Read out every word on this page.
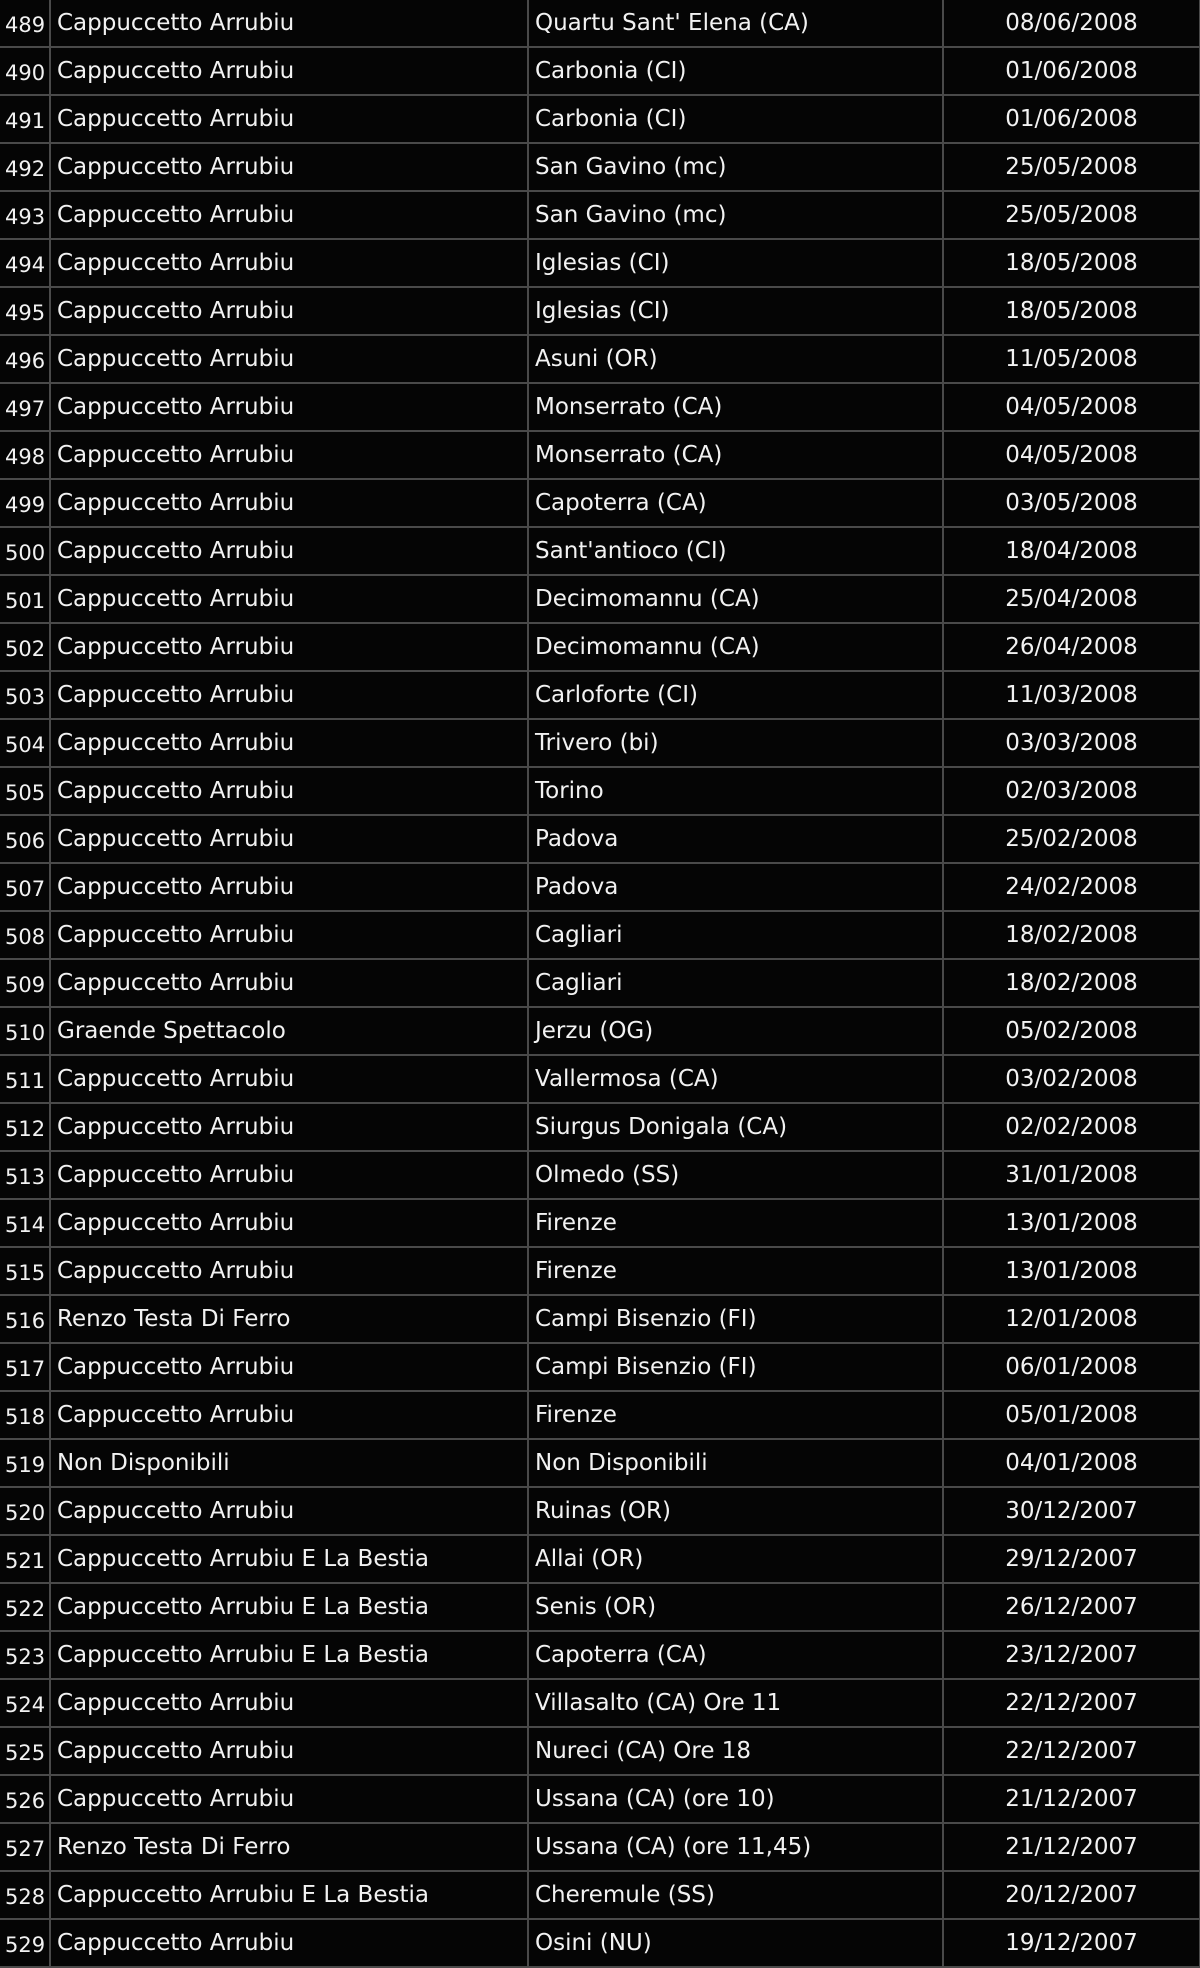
489	Cappuccetto Arrubiu	Quartu Sant' Elena (CA)	08/06/2008
490	Cappuccetto Arrubiu	Carbonia (CI)	01/06/2008
491	Cappuccetto Arrubiu	Carbonia (CI)	01/06/2008
492	Cappuccetto Arrubiu	San Gavino (mc)	25/05/2008
493	Cappuccetto Arrubiu	San Gavino (mc)	25/05/2008
494	Cappuccetto Arrubiu	Iglesias (CI)	18/05/2008
495	Cappuccetto Arrubiu	Iglesias (CI)	18/05/2008
496	Cappuccetto Arrubiu	Asuni (OR)	11/05/2008
497	Cappuccetto Arrubiu	Monserrato (CA)	04/05/2008
498	Cappuccetto Arrubiu	Monserrato (CA)	04/05/2008
499	Cappuccetto Arrubiu	Capoterra (CA)	03/05/2008
500	Cappuccetto Arrubiu	Sant'antioco (CI)	18/04/2008
501	Cappuccetto Arrubiu	Decimomannu (CA)	25/04/2008
502	Cappuccetto Arrubiu	Decimomannu (CA)	26/04/2008
503	Cappuccetto Arrubiu	Carloforte (CI)	11/03/2008
504	Cappuccetto Arrubiu	Trivero (bi)	03/03/2008
505	Cappuccetto Arrubiu	Torino	02/03/2008
506	Cappuccetto Arrubiu	Padova	25/02/2008
507	Cappuccetto Arrubiu	Padova	24/02/2008
508	Cappuccetto Arrubiu	Cagliari	18/02/2008
509	Cappuccetto Arrubiu	Cagliari	18/02/2008
510	Graende Spettacolo	Jerzu (OG)	05/02/2008
511	Cappuccetto Arrubiu	Vallermosa (CA)	03/02/2008
512	Cappuccetto Arrubiu	Siurgus Donigala (CA)	02/02/2008
513	Cappuccetto Arrubiu	Olmedo (SS)	31/01/2008
514	Cappuccetto Arrubiu	Firenze	13/01/2008
515	Cappuccetto Arrubiu	Firenze	13/01/2008
516	Renzo Testa Di Ferro	Campi Bisenzio (FI)	12/01/2008
517	Cappuccetto Arrubiu	Campi Bisenzio (FI)	06/01/2008
518	Cappuccetto Arrubiu	Firenze	05/01/2008
519	Non Disponibili	Non Disponibili	04/01/2008
520	Cappuccetto Arrubiu	Ruinas (OR)	30/12/2007
521	Cappuccetto Arrubiu E La Bestia	Allai (OR)	29/12/2007
522	Cappuccetto Arrubiu E La Bestia	Senis (OR)	26/12/2007
523	Cappuccetto Arrubiu E La Bestia	Capoterra (CA)	23/12/2007
524	Cappuccetto Arrubiu	Villasalto (CA) Ore 11	22/12/2007
525	Cappuccetto Arrubiu	Nureci (CA) Ore 18	22/12/2007
526	Cappuccetto Arrubiu	Ussana (CA) (ore 10)	21/12/2007
527	Renzo Testa Di Ferro	Ussana (CA) (ore 11,45)	21/12/2007
528	Cappuccetto Arrubiu E La Bestia	Cheremule (SS)	20/12/2007
529	Cappuccetto Arrubiu	Osini (NU)	19/12/2007
